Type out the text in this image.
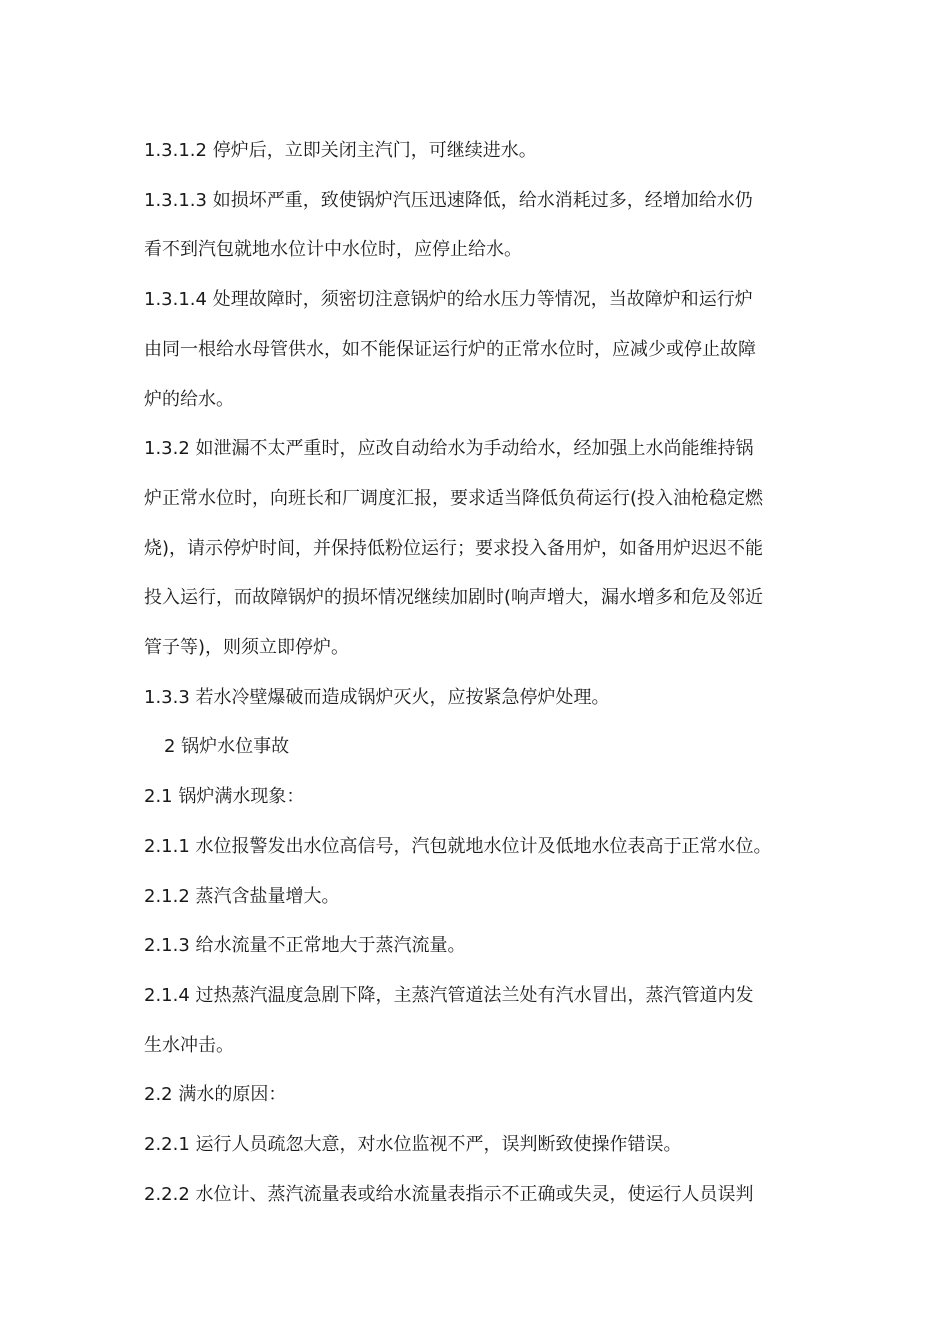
1.3.1.2 停炉后，立即关闭主汽门，可继续进水。

1.3.1.3 如损坏严重，致使锅炉汽压迅速降低，给水消耗过多，经增加给水仍

看不到汽包就地水位计中水位时，应停止给水。

1.3.1.4 处理故障时，须密切注意锅炉的给水压力等情况，当故障炉和运行炉

由同一根给水母管供水，如不能保证运行炉的正常水位时，应减少或停止故障

炉的给水。

1.3.2 如泄漏不太严重时，应改自动给水为手动给水，经加强上水尚能维持锅

炉正常水位时，向班长和厂调度汇报，要求适当降低负荷运行(投入油枪稳定燃

烧)，请示停炉时间，并保持低粉位运行；要求投入备用炉，如备用炉迟迟不能

投入运行，而故障锅炉的损坏情况继续加剧时(响声增大，漏水增多和危及邻近

管子等)，则须立即停炉。

1.3.3 若水冷壁爆破而造成锅炉灭火，应按紧急停炉处理。

2 锅炉水位事故

2.1 锅炉满水现象：

2.1.1 水位报警发出水位高信号，汽包就地水位计及低地水位表高于正常水位。

2.1.2 蒸汽含盐量增大。

2.1.3 给水流量不正常地大于蒸汽流量。

2.1.4 过热蒸汽温度急剧下降，主蒸汽管道法兰处有汽水冒出，蒸汽管道内发

生水冲击。

2.2 满水的原因：

2.2.1 运行人员疏忽大意，对水位监视不严，误判断致使操作错误。

2.2.2 水位计、蒸汽流量表或给水流量表指示不正确或失灵，使运行人员误判
